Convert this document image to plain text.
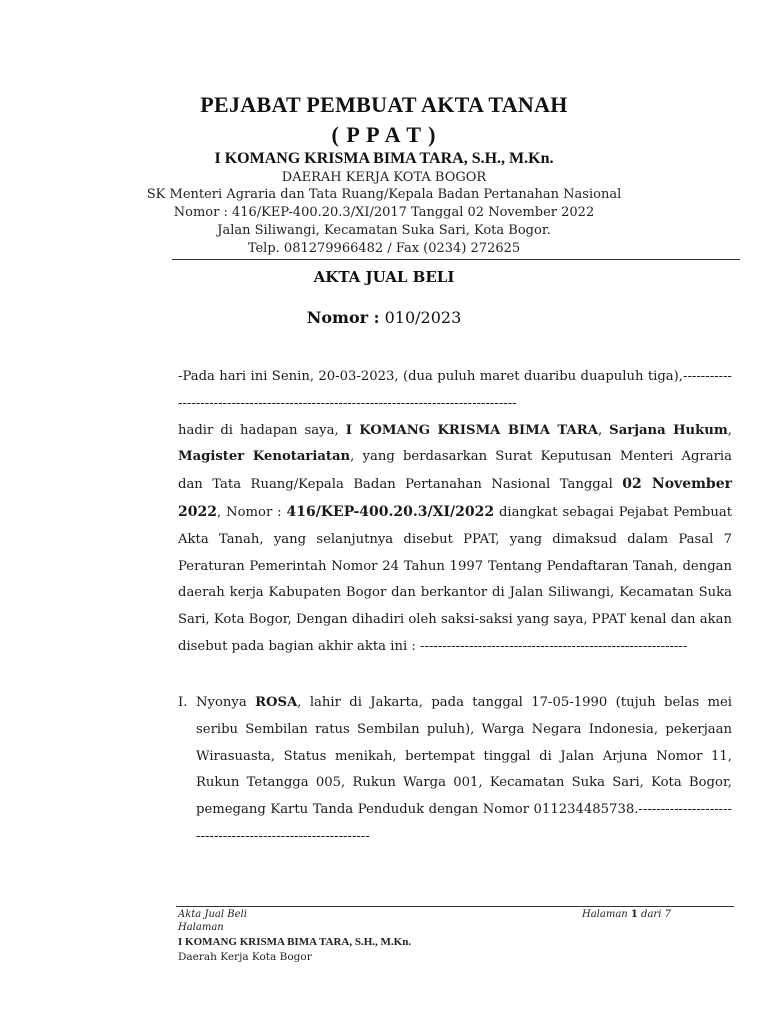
PEJABAT PEMBUAT AKTA TANAH
( P P A T )
I KOMANG KRISMA BIMA TARA, S.H., M.Kn.
DAERAH KERJA KOTA BOGOR
SK Menteri Agraria dan Tata Ruang/Kepala Badan Pertanahan Nasional
Nomor : 416/KEP-400.20.3/XI/2017 Tanggal 02 November 2022
Jalan Siliwangi, Kecamatan Suka Sari, Kota Bogor.
Telp. 081279966482 / Fax (0234) 272625
AKTA JUAL BELI
Nomor : 010/2023

-Pada hari ini Senin, 20-03-2023, (dua puluh maret duaribu duapuluh tiga),---------------------------------------------------------------------------------------

hadir di hadapan saya, I KOMANG KRISMA BIMA TARA, Sarjana Hukum, Magister Kenotariatan, yang berdasarkan Surat Keputusan Menteri Agraria dan Tata Ruang/Kepala Badan Pertanahan Nasional Tanggal 02 November 2022, Nomor : 416/KEP-400.20.3/XI/2022 diangkat sebagai Pejabat Pembuat Akta Tanah, yang selanjutnya disebut PPAT, yang dimaksud dalam Pasal 7 Peraturan Pemerintah Nomor 24 Tahun 1997 Tentang Pendaftaran Tanah, dengan daerah kerja Kabupaten Bogor dan berkantor di Jalan Siliwangi, Kecamatan Suka Sari, Kota Bogor, Dengan dihadiri oleh saksi-saksi yang saya, PPAT kenal dan akan disebut pada bagian akhir akta ini : ------------------------------------------------------------

I. Nyonya ROSA, lahir di Jakarta, pada tanggal 17-05-1990 (tujuh belas mei seribu Sembilan ratus Sembilan puluh), Warga Negara Indonesia, pekerjaan Wirasuasta, Status menikah, bertempat tinggal di Jalan Arjuna Nomor 11, Rukun Tetangga 005, Rukun Warga 001, Kecamatan Suka Sari, Kota Bogor, pemegang Kartu Tanda Penduduk dengan Nomor 011234485738.------------------------------------------------------------
Akta Jual Beli
Halaman
I KOMANG KRISMA BIMA TARA, S.H., M.Kn.
Daerah Kerja Kota Bogor
Halaman 1 dari 7
